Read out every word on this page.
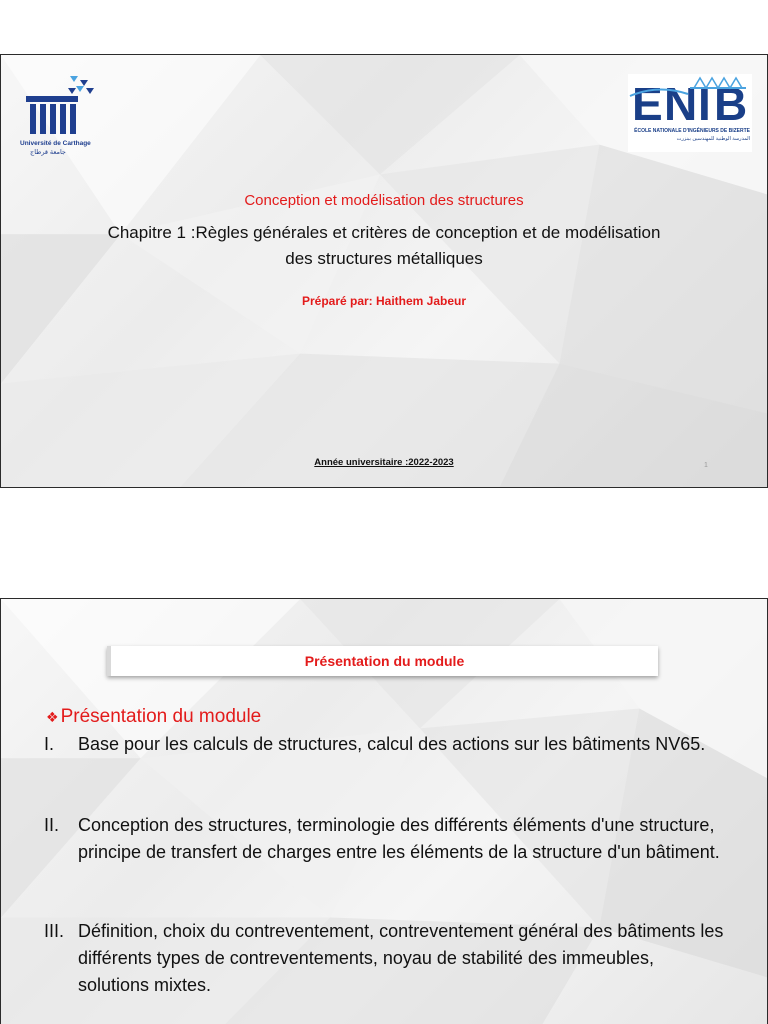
Université de Carthage
جامعة قرطاج
E N I B
ÉCOLE NATIONALE D'INGÉNIEURS DE BIZERTE
المدرسة الوطنية للمهندسين ببنزرت
Conception et modélisation des structures
Chapitre 1 :Règles générales et critères de conception et de modélisation
des structures métalliques
Préparé par: Haithem Jabeur
Année universitaire :2022-2023	1
Présentation du module
❖ Présentation du module
I.	Base pour les calculs de structures, calcul des actions sur les bâtiments NV65.
II.	Conception des structures, terminologie des différents éléments d'une structure, principe de transfert de charges entre les éléments de la structure d'un bâtiment.
III. Définition, choix du contreventement, contreventement général des bâtiments les différents types de contreventements, noyau de stabilité des immeubles, solutions mixtes.
